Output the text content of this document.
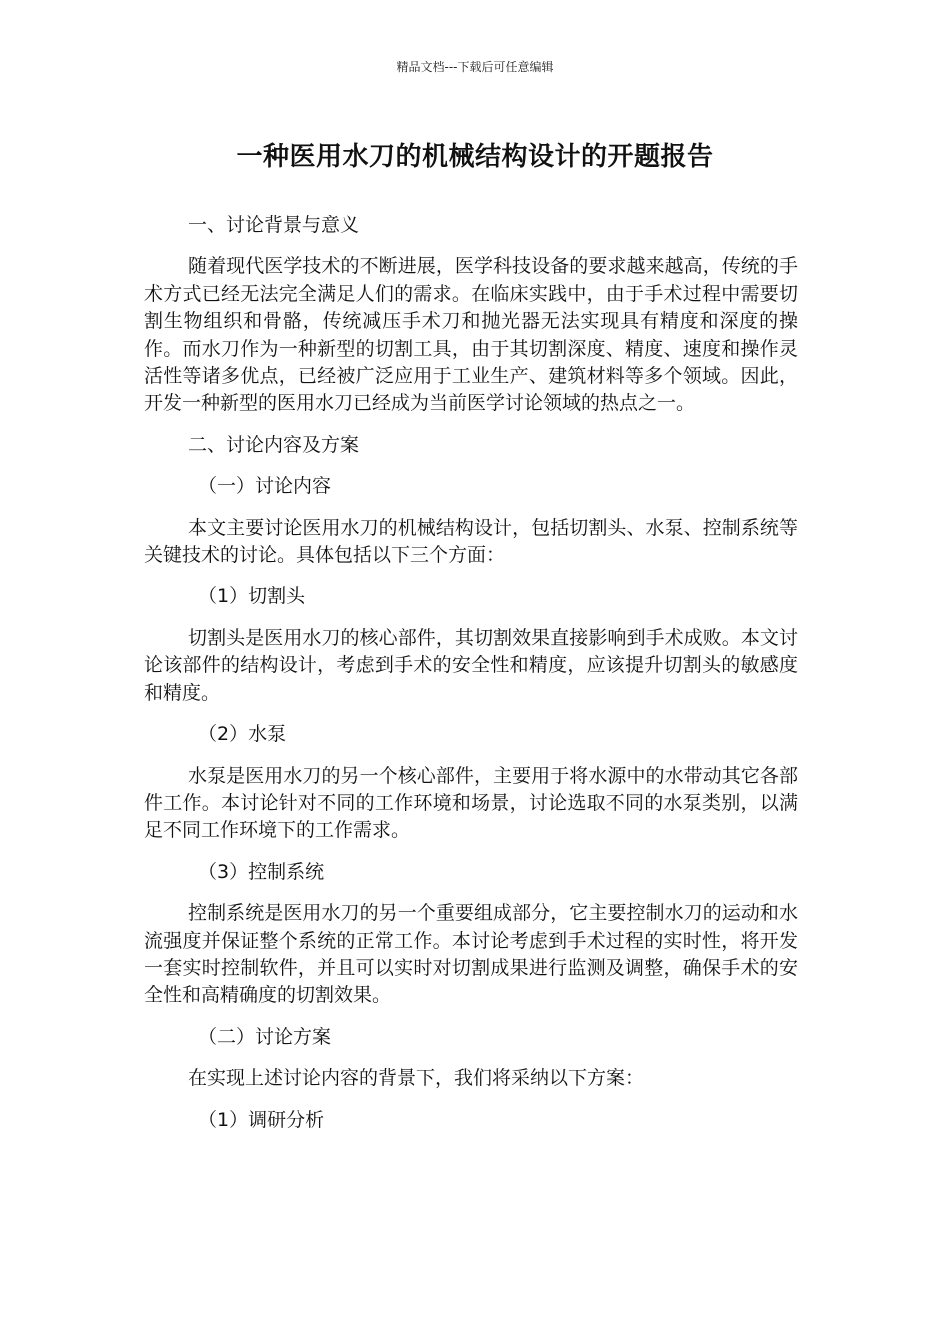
精品文档---下载后可任意编辑
一种医用水刀的机械结构设计的开题报告
一、讨论背景与意义
随着现代医学技术的不断进展，医学科技设备的要求越来越高，传统的手术方式已经无法完全满足人们的需求。在临床实践中，由于手术过程中需要切割生物组织和骨骼，传统减压手术刀和抛光器无法实现具有精度和深度的操作。而水刀作为一种新型的切割工具，由于其切割深度、精度、速度和操作灵活性等诸多优点，已经被广泛应用于工业生产、建筑材料等多个领域。因此，开发一种新型的医用水刀已经成为当前医学讨论领域的热点之一。
二、讨论内容及方案
（一）讨论内容
本文主要讨论医用水刀的机械结构设计，包括切割头、水泵、控制系统等关键技术的讨论。具体包括以下三个方面：
（1）切割头
切割头是医用水刀的核心部件，其切割效果直接影响到手术成败。本文讨论该部件的结构设计，考虑到手术的安全性和精度，应该提升切割头的敏感度和精度。
（2）水泵
水泵是医用水刀的另一个核心部件，主要用于将水源中的水带动其它各部件工作。本讨论针对不同的工作环境和场景，讨论选取不同的水泵类别，以满足不同工作环境下的工作需求。
（3）控制系统
控制系统是医用水刀的另一个重要组成部分，它主要控制水刀的运动和水流强度并保证整个系统的正常工作。本讨论考虑到手术过程的实时性，将开发一套实时控制软件，并且可以实时对切割成果进行监测及调整，确保手术的安全性和高精确度的切割效果。
（二）讨论方案
在实现上述讨论内容的背景下，我们将采纳以下方案：
（1）调研分析
